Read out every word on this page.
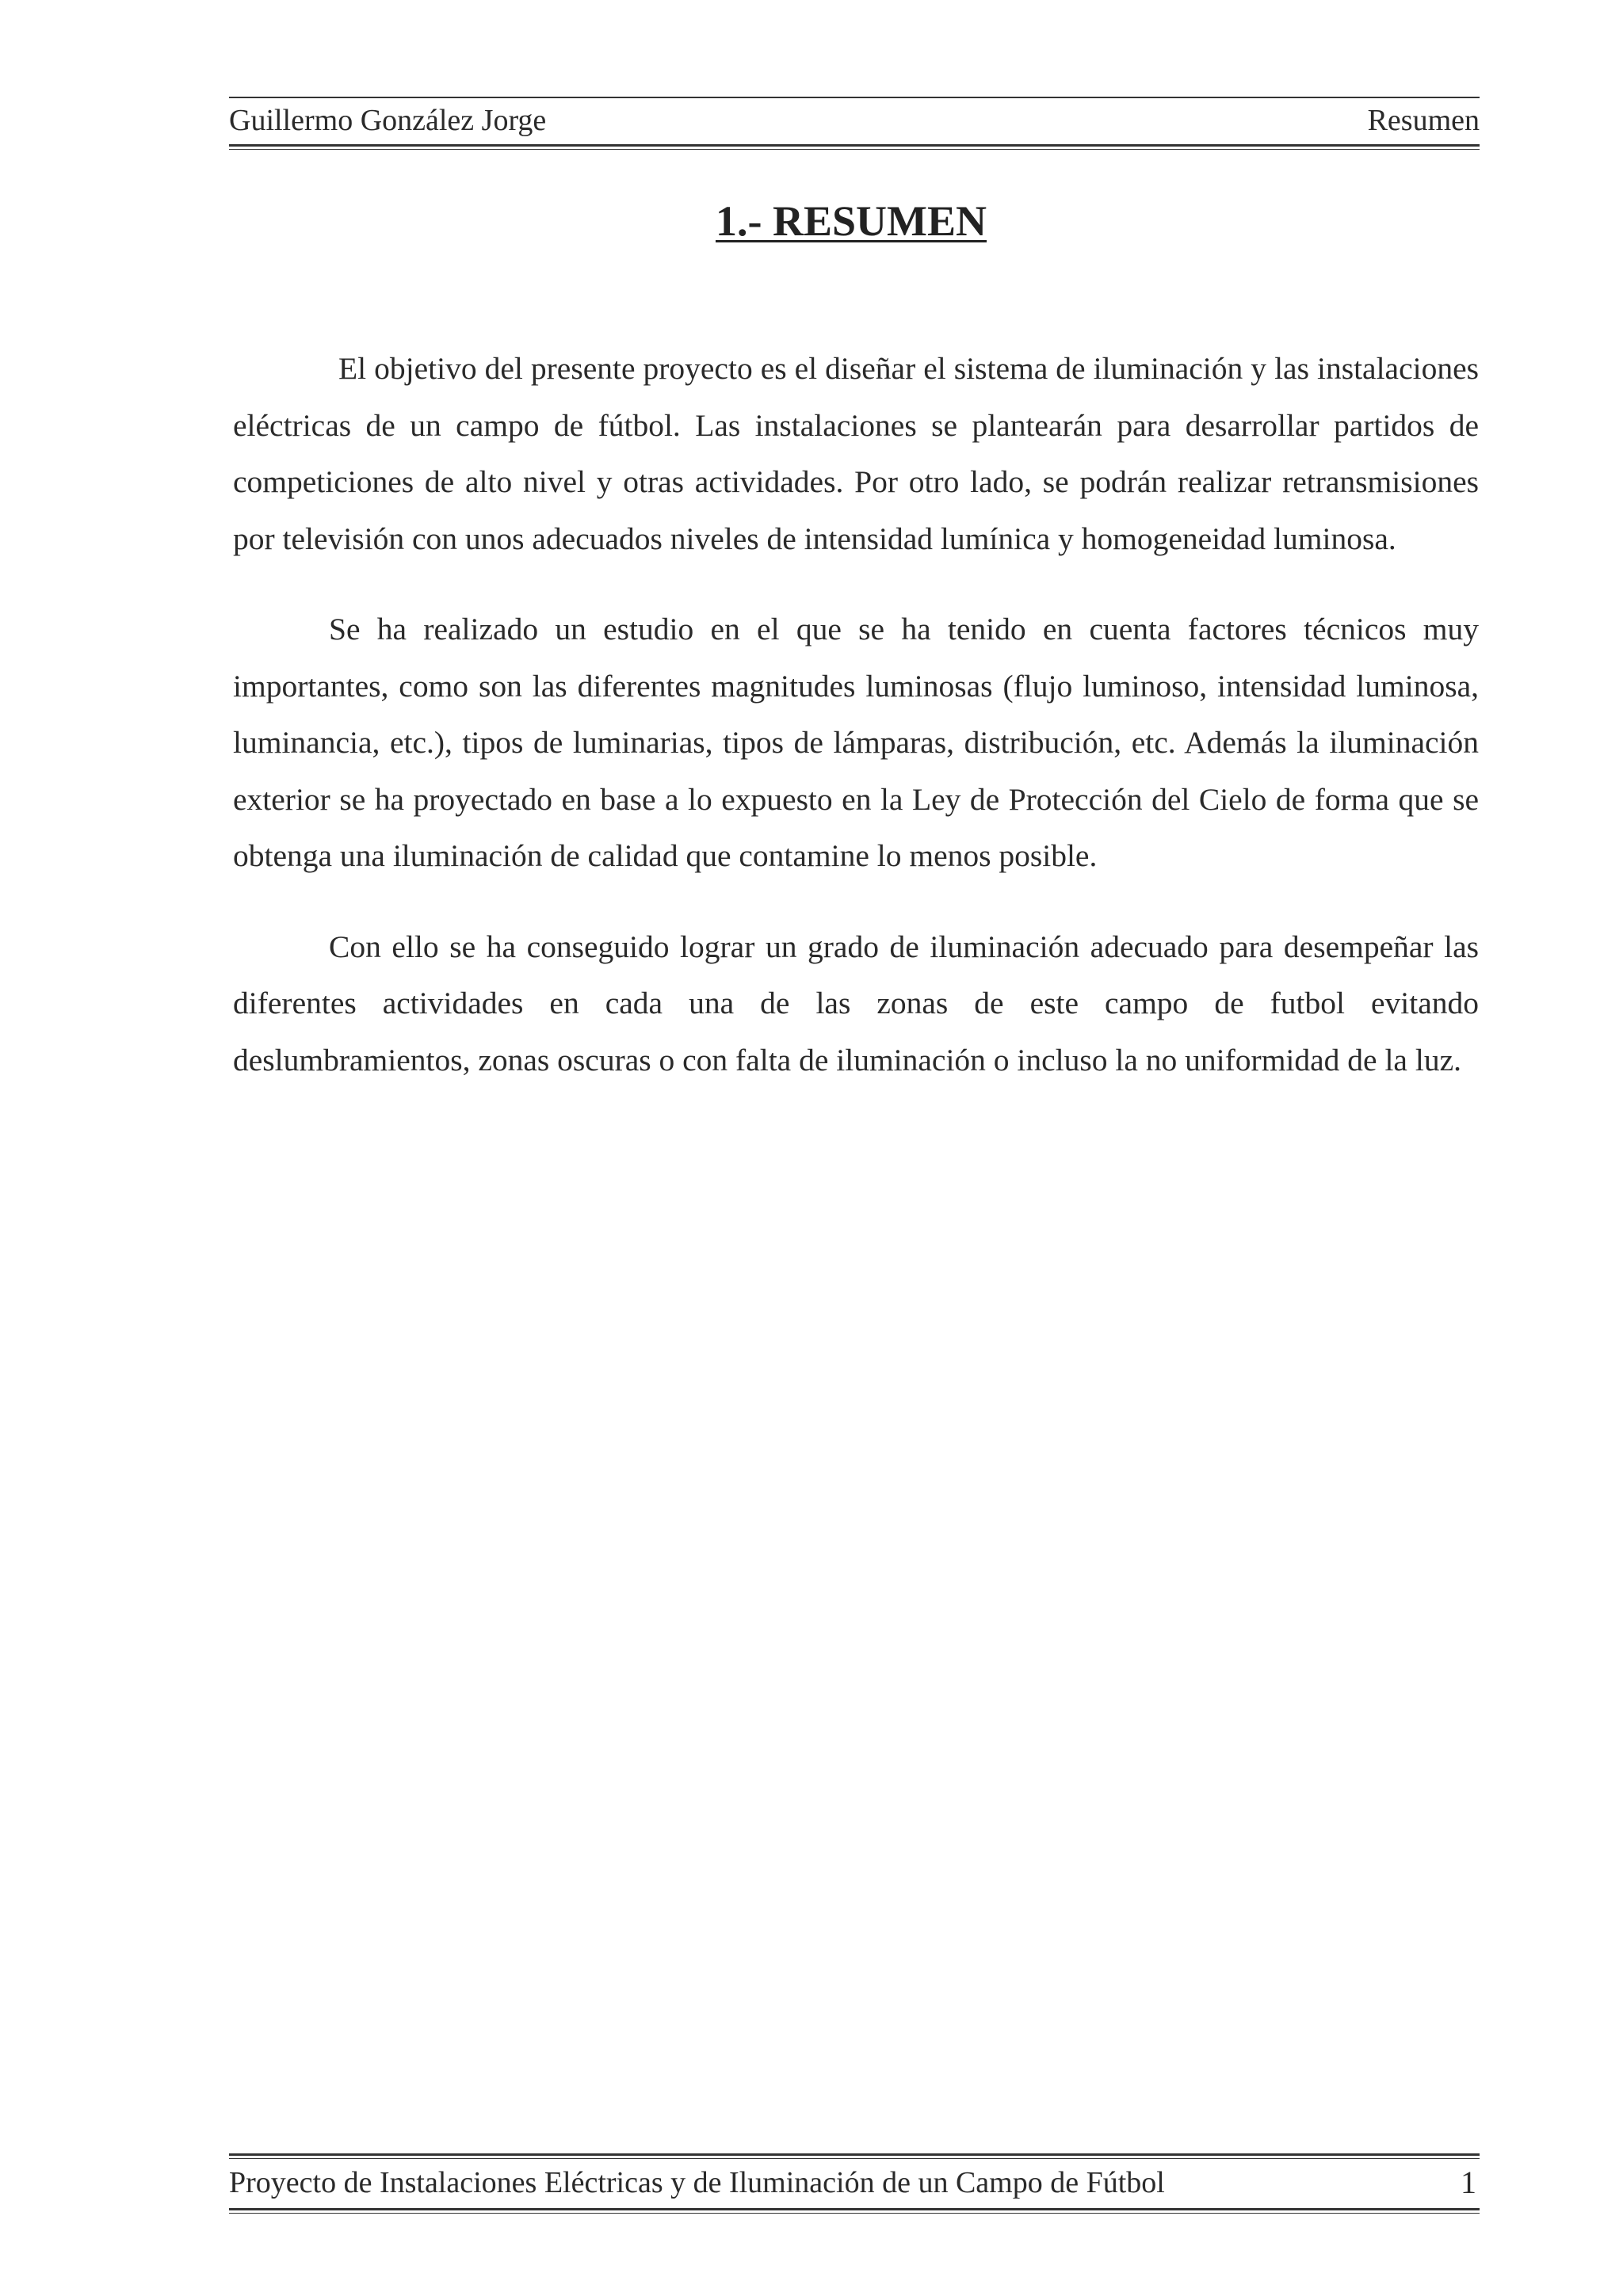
Guillermo González Jorge	Resumen
1.- RESUMEN

El objetivo del presente proyecto es el diseñar el sistema de iluminación y las instalaciones eléctricas de un campo de fútbol. Las instalaciones se plantearán para desarrollar partidos de competiciones de alto nivel y otras actividades. Por otro lado, se podrán realizar retransmisiones por televisión con unos adecuados niveles de intensidad lumínica y homogeneidad luminosa.

Se ha realizado un estudio en el que se ha tenido en cuenta factores técnicos muy importantes, como son las diferentes magnitudes luminosas (flujo luminoso, intensidad luminosa, luminancia, etc.), tipos de luminarias, tipos de lámparas, distribución, etc. Además la iluminación exterior se ha proyectado en base a lo expuesto en la Ley de Protección del Cielo de forma que se obtenga una iluminación de calidad que contamine lo menos posible.

Con ello se ha conseguido lograr un grado de iluminación adecuado para desempeñar las diferentes actividades en cada una de las zonas de este campo de futbol evitando deslumbramientos, zonas oscuras o con falta de iluminación o incluso la no uniformidad de la luz.

Proyecto de Instalaciones Eléctricas y de Iluminación de un Campo de Fútbol	1
